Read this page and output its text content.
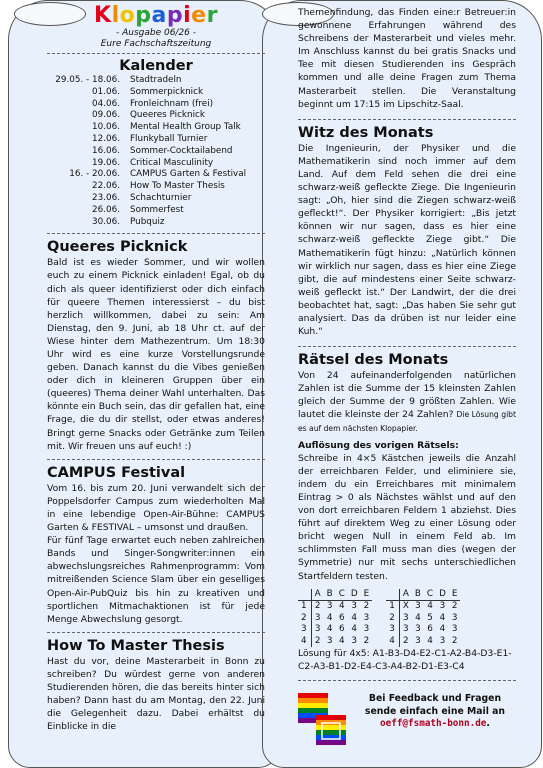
Klopapier
- Ausgabe 06/26 -
Eure Fachschaftszeitung
Kalender
29.05. - 18.06.	Stadtradeln
01.06.	Sommerpicknick
04.06.	Fronleichnam (frei)
09.06.	Queeres Picknick
10.06.	Mental Health Group Talk
12.06.	Flunkyball Turnier
16.06.	Sommer-Cocktailabend
19.06.	Critical Masculinity
16. - 20.06.	CAMPUS Garten & Festival
22.06.	How To Master Thesis
23.06.	Schachturnier
26.06.	Sommerfest
30.06.	Pubquiz
Queeres Picknick

Bald ist es wieder Sommer, und wir wollen euch zu einem Picknick einladen! Egal, ob du dich als queer identifizierst oder dich einfach für queere Themen interessierst – du bist herzlich willkommen, dabei zu sein: Am Dienstag, den 9. Juni, ab 18 Uhr ct. auf der Wiese hinter dem Mathezentrum. Um 18:30 Uhr wird es eine kurze Vorstellungsrunde geben. Danach kannst du die Vibes genießen oder dich in kleineren Gruppen über ein (queeres) Thema deiner Wahl unterhalten. Das könnte ein Buch sein, das dir gefallen hat, eine Frage, die du dir stellst, oder etwas anderes! Bringt gerne Snacks oder Getränke zum Teilen mit. Wir freuen uns auf euch! :)

CAMPUS Festival

Vom 16. bis zum 20. Juni verwandelt sich der Poppelsdorfer Campus zum wiederholten Mal in eine lebendige Open-Air-Bühne: CAMPUS Garten & FESTIVAL – umsonst und draußen.

Für fünf Tage erwartet euch neben zahlreichen Bands und Singer-Songwriter:innen ein abwechslungsreiches Rahmenprogramm: Vom mitreißenden Science Slam über ein geselliges Open-Air-PubQuiz bis hin zu kreativen und sportlichen Mitmachaktionen ist für jede Menge Abwechslung gesorgt.

How To Master Thesis

Hast du vor, deine Masterarbeit in Bonn zu schreiben? Du würdest gerne von anderen Studierenden hören, die das bereits hinter sich haben? Dann hast du am Montag, den 22. Juni die Gelegenheit dazu. Dabei erhältst du Einblicke in die

Themenfindung, das Finden eine:r Betreuer:in gewonnene Erfahrungen während des Schreibens der Masterarbeit und vieles mehr. Im Anschluss kannst du bei gratis Snacks und Tee mit diesen Studierenden ins Gespräch kommen und alle deine Fragen zum Thema Masterarbeit stellen. Die Veranstaltung beginnt um 17:15 im Lipschitz-Saal.

Witz des Monats

Die Ingenieurin, der Physiker und die Mathematikerin sind noch immer auf dem Land. Auf dem Feld sehen die drei eine schwarz-weiß gefleckte Ziege. Die Ingenieurin sagt: „Oh, hier sind die Ziegen schwarz-weiß gefleckt!“. Der Physiker korrigiert: „Bis jetzt können wir nur sagen, dass es hier eine schwarz-weiß gefleckte Ziege gibt.“ Die Mathematikerin fügt hinzu: „Natürlich können wir wirklich nur sagen, dass es hier eine Ziege gibt, die auf mindestens einer Seite schwarz-weiß gefleckt ist.“ Der Landwirt, der die drei beobachtet hat, sagt: „Das haben Sie sehr gut analysiert. Das da drüben ist nur leider eine Kuh.“

Rätsel des Monats

Von 24 aufeinanderfolgenden natürlichen Zahlen ist die Summe der 15 kleinsten Zahlen gleich der Summe der 9 größten Zahlen. Wie lautet die kleinste der 24 Zahlen? Die Lösung gibt es auf dem nächsten Klopapier.

Auflösung des vorigen Rätsels:

Schreibe in 4×5 Kästchen jeweils die Anzahl der erreichbaren Felder, und eliminiere sie, indem du ein Erreichbares mit minimalem Eintrag > 0 als Nächstes wählst und auf den von dort erreichbaren Feldern 1 abziehst. Dies führt auf direktem Weg zu einer Lösung oder bricht wegen Null in einem Feld ab. Im schlimmsten Fall muss man dies (wegen der Symmetrie) nur mit sechs unterschiedlichen Startfeldern testen.

	A	B	C	D	E
1	2	3	4	3	2
2	3	4	6	4	3
3	3	4	6	4	3
4	2	3	4	3	2
	A	B	C	D	E
1	X	3	4	3	2
2	3	4	5	4	3
3	3	3	6	4	3
4	2	3	4	3	2

Lösung für 4x5: A1-B3-D4-E2-C1-A2-B4-D3-E1-C2-A3-B1-D2-E4-C3-A4-B2-D1-E3-C4

Bei Feedback und Fragen sende einfach eine Mail an
oeff@fsmath-bonn.de.
